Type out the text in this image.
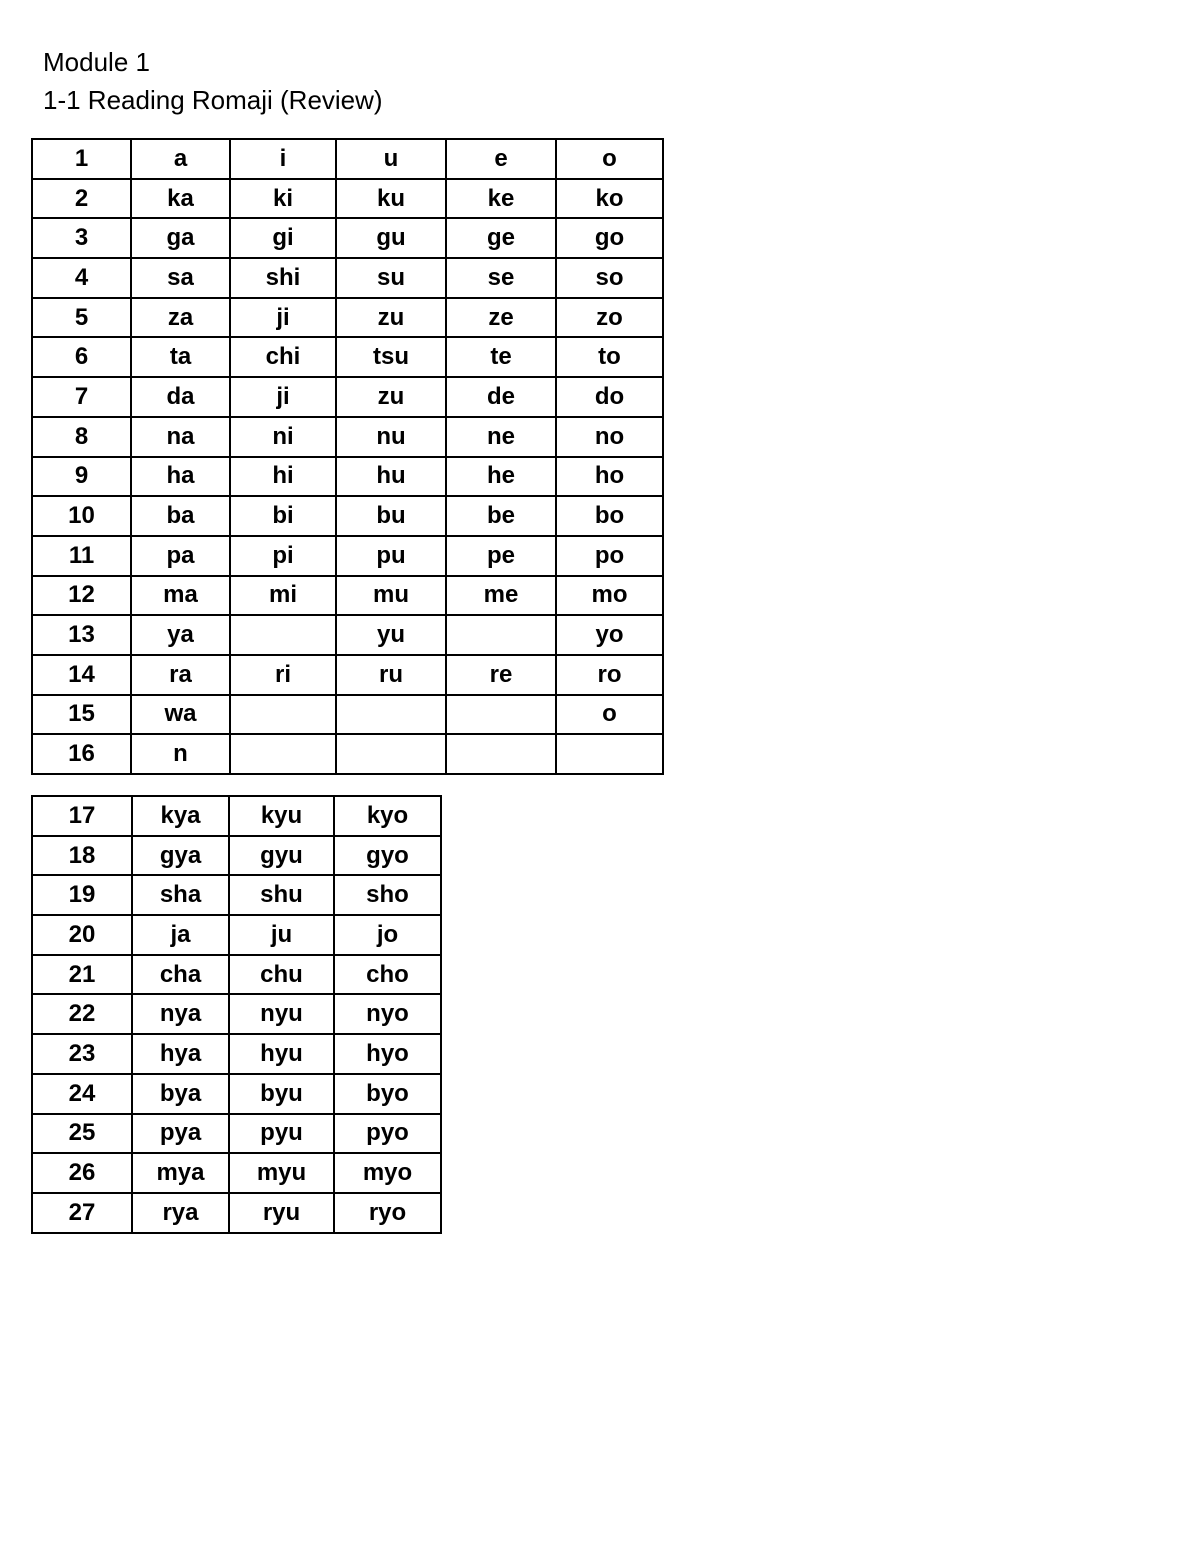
Module 1
1-1 Reading Romaji (Review)
1	a	i	u	e	o
2	ka	ki	ku	ke	ko
3	ga	gi	gu	ge	go
4	sa	shi	su	se	so
5	za	ji	zu	ze	zo
6	ta	chi	tsu	te	to
7	da	ji	zu	de	do
8	na	ni	nu	ne	no
9	ha	hi	hu	he	ho
10	ba	bi	bu	be	bo
11	pa	pi	pu	pe	po
12	ma	mi	mu	me	mo
13	ya		yu		yo
14	ra	ri	ru	re	ro
15	wa				o
16	n				
17	kya	kyu	kyo
18	gya	gyu	gyo
19	sha	shu	sho
20	ja	ju	jo
21	cha	chu	cho
22	nya	nyu	nyo
23	hya	hyu	hyo
24	bya	byu	byo
25	pya	pyu	pyo
26	mya	myu	myo
27	rya	ryu	ryo
